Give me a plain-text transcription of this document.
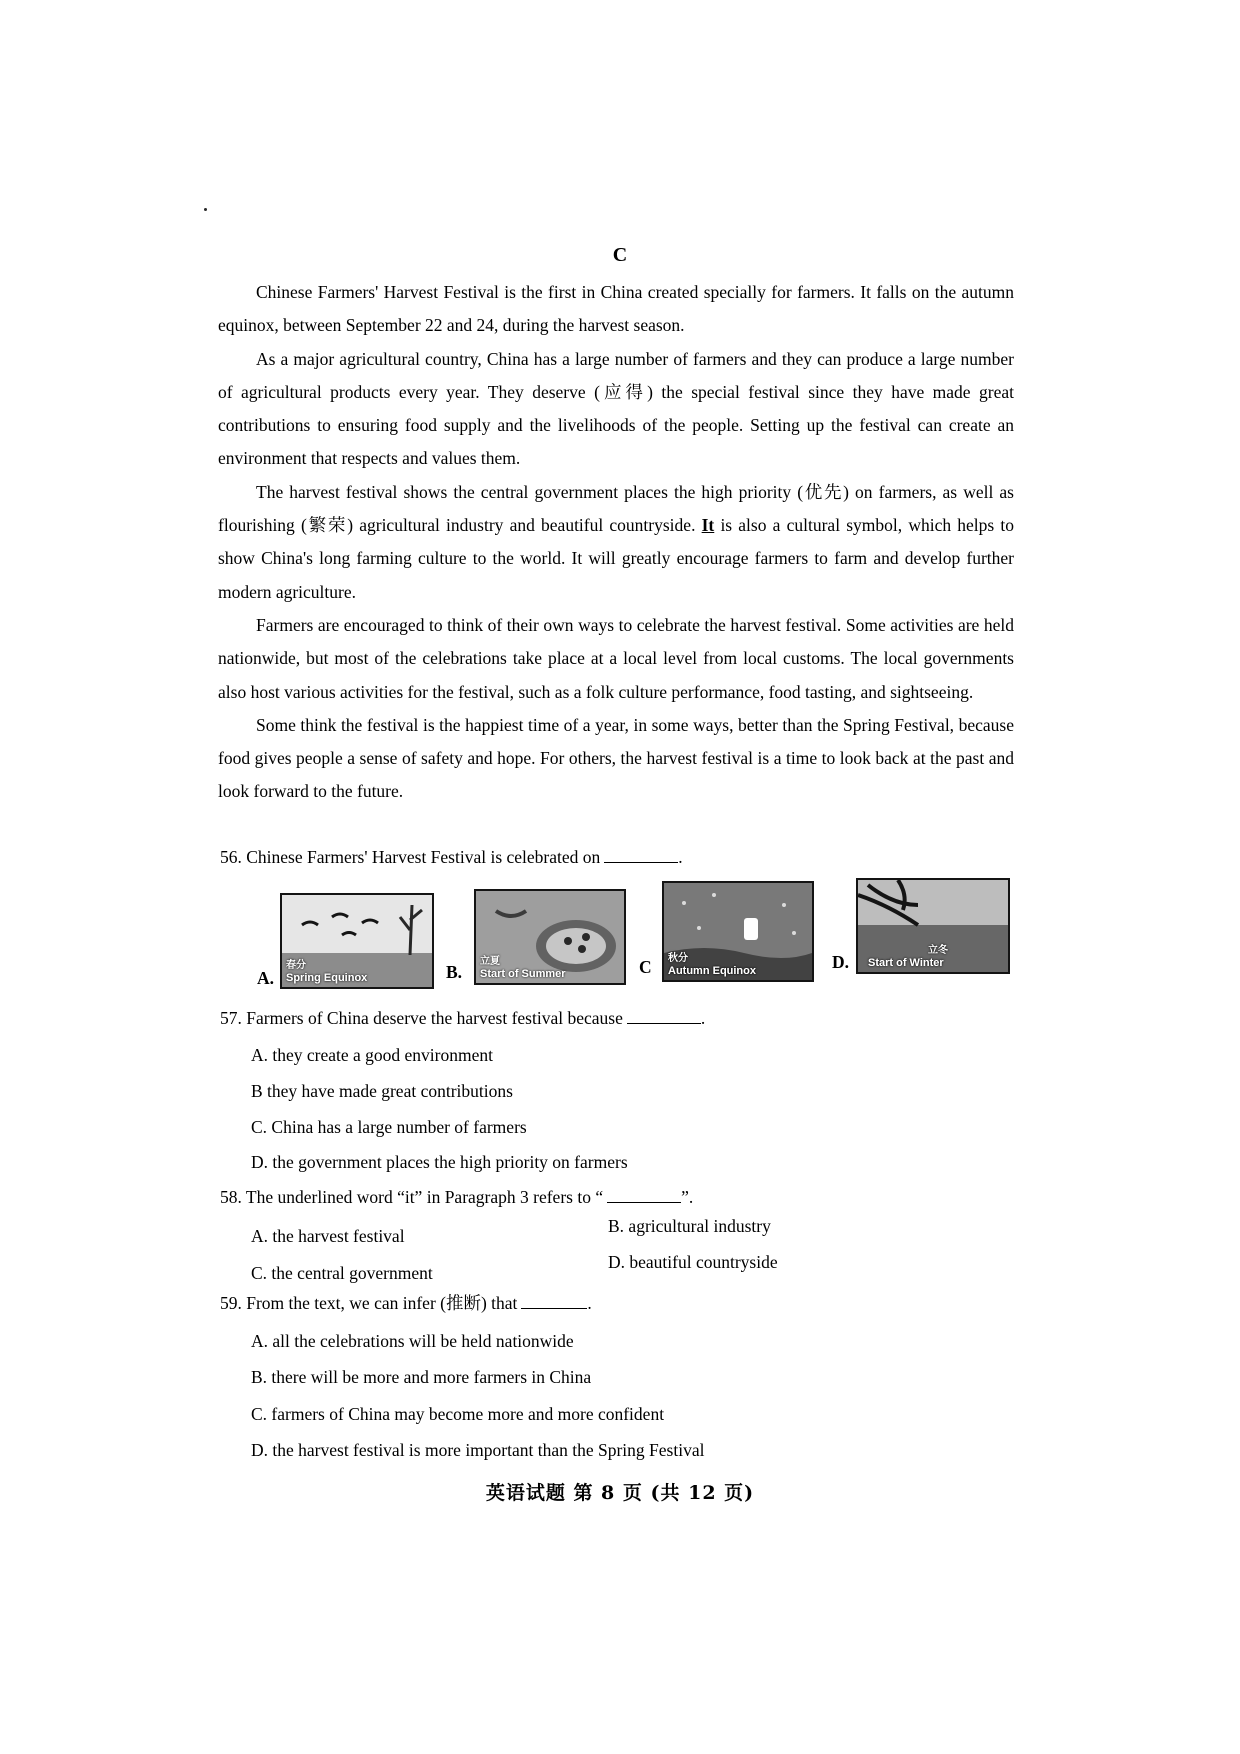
C

Chinese Farmers' Harvest Festival is the first in China created specially for farmers. It falls on the autumn equinox, between September 22 and 24, during the harvest season.

As a major agricultural country, China has a large number of farmers and they can produce a large number of agricultural products every year. They deserve (应得) the special festival since they have made great contributions to ensuring food supply and the livelihoods of the people. Setting up the festival can create an environment that respects and values them.

The harvest festival shows the central government places the high priority (优先) on farmers, as well as flourishing (繁荣) agricultural industry and beautiful countryside. It is also a cultural symbol, which helps to show China's long farming culture to the world. It will greatly encourage farmers to farm and develop further modern agriculture.

Farmers are encouraged to think of their own ways to celebrate the harvest festival. Some activities are held nationwide, but most of the celebrations take place at a local level from local customs. The local governments also host various activities for the festival, such as a folk culture performance, food tasting, and sightseeing.

Some think the festival is the happiest time of a year, in some ways, better than the Spring Festival, because food gives people a sense of safety and hope. For others, the harvest festival is a time to look back at the past and look forward to the future.

56. Chinese Farmers' Harvest Festival is celebrated on	.
A.
春分
Spring Equinox	B.
立夏
Start of Summer	C 秋分
Autumn Equinox	D.
立冬
Start of Winter
57. Farmers of China deserve the harvest festival because	.
A. they create a good environment
B they have made great contributions
C. China has a large number of farmers
D. the government places the high priority on farmers
58. The underlined word “it” in Paragraph 3 refers to “	”.
A. the harvest festival	B. agricultural industry
C. the central government
D. beautiful countryside
59. From the text, we can infer (推断) that	.
A. all the celebrations will be held nationwide
B. there will be more and more farmers in China
C. farmers of China may become more and more confident
D. the harvest festival is more important than the Spring Festival
英语试题 第 8 页 (共 12 页)
